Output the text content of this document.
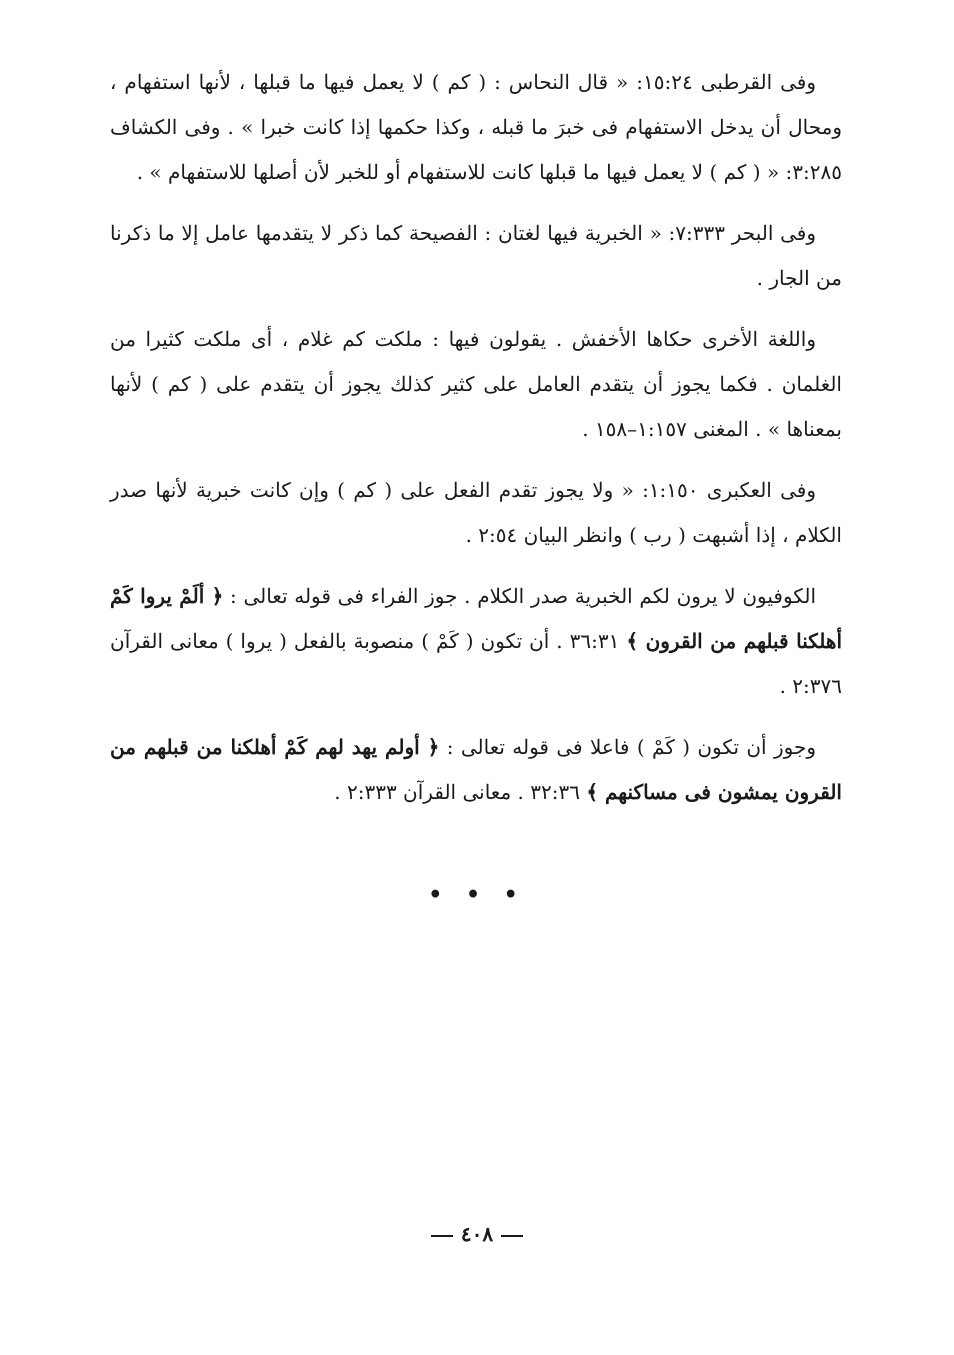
وفى القرطبى ١٥:٢٤: « قال النحاس : ( كم ) لا يعمل فيها ما قبلها ، لأنها استفهام ، ومحال أن يدخل الاستفهام فى خبرَ ما قبله ، وكذا حكمها إذا كانت خبرا » . وفى الكشاف ٣:٢٨٥: « ( كم ) لا يعمل فيها ما قبلها كانت للاستفهام أو للخبر لأن أصلها للاستفهام » .

وفى البحر ٧:٣٣٣: « الخبرية فيها لغتان : الفصيحة كما ذكر لا يتقدمها عامل إلا ما ذكرنا من الجار .

واللغة الأخرى حكاها الأخفش . يقولون فيها : ملكت كم غلام ، أى ملكت كثيرا من الغلمان . فكما يجوز أن يتقدم العامل على كثير كذلك يجوز أن يتقدم على ( كم ) لأنها بمعناها » . المغنى ١:١٥٧–١٥٨ .

وفى العكبرى ١:١٥٠: « ولا يجوز تقدم الفعل على ( كم ) وإن كانت خبرية لأنها صدر الكلام ، إذا أشبهت ( رب ) وانظر البيان ٢:٥٤ .

الكوفيون لا يرون لكم الخبرية صدر الكلام . جوز الفراء فى قوله تعالى : ﴿ ألَمْ يروا كَمْ أهلكنا قبلهم من القرون ﴾ ٣٦:٣١ . أن تكون ( كَمْ ) منصوبة بالفعل ( يروا ) معانى القرآن ٢:٣٧٦ .

وجوز أن تكون ( كَمْ ) فاعلا فى قوله تعالى : ﴿ أولم يهد لهم كَمْ أهلكنا من قبلهم من القرون يمشون فى مساكنهم ﴾ ٣٢:٣٦ . معانى القرآن ٢:٣٣٣ .

• • •
٤٠٨
